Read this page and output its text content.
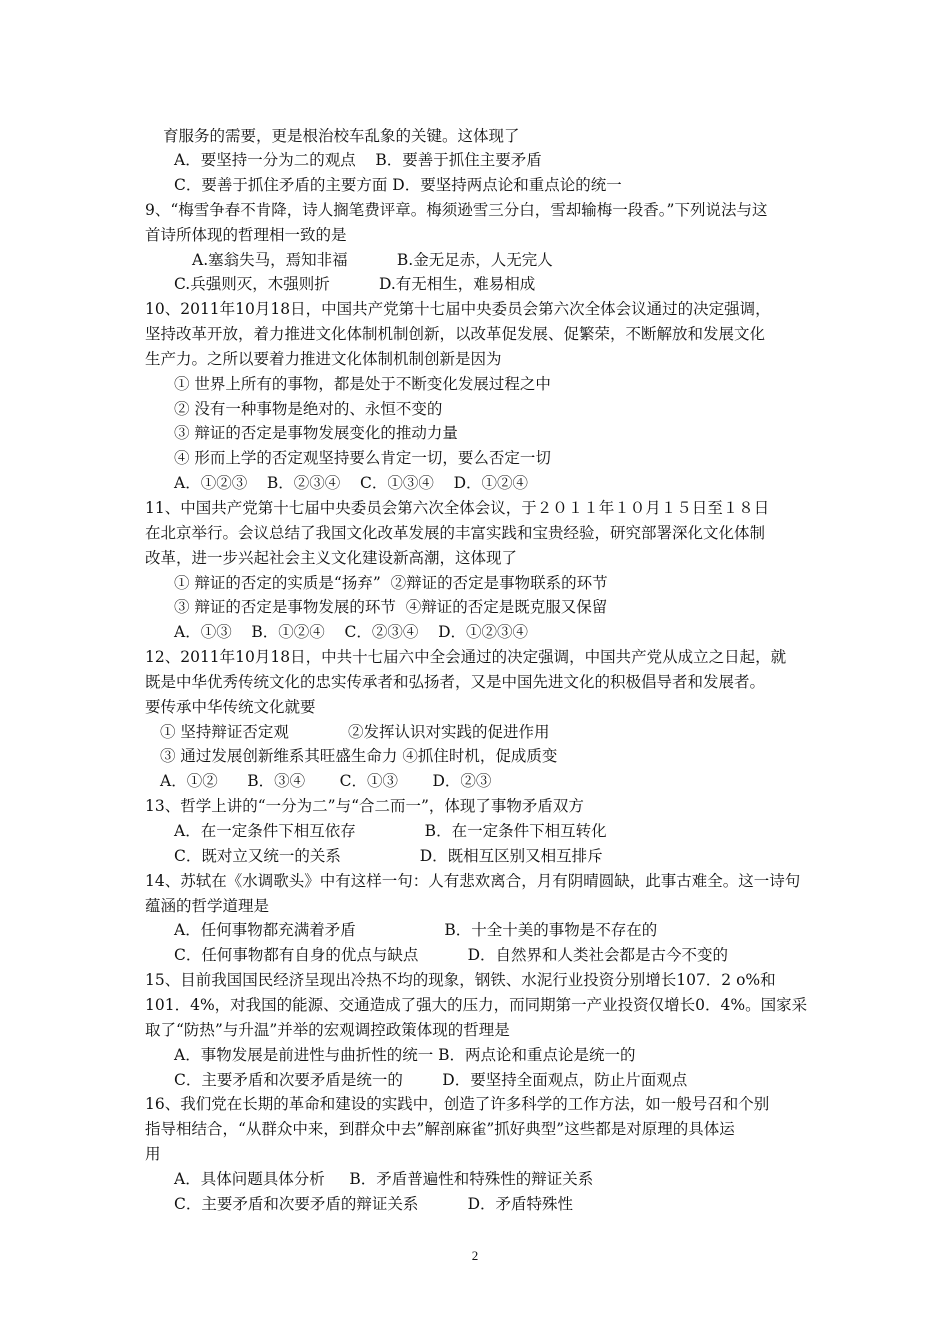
育服务的需要，更是根治校车乱象的关键。这体现了
A．要坚持一分为二的观点    B．要善于抓住主要矛盾
C．要善于抓住矛盾的主要方面 D．要坚持两点论和重点论的统一
9、“梅雪争春不肯降，诗人搁笔费评章。梅须逊雪三分白，雪却输梅一段香。”下列说法与这
首诗所体现的哲理相一致的是
A.塞翁失马，焉知非福          B.金无足赤，人无完人
C.兵强则灭，木强则折          D.有无相生，难易相成
10、2011年10月18日，中国共产党第十七届中央委员会第六次全体会议通过的决定强调，
坚持改革开放，着力推进文化体制机制创新，以改革促发展、促繁荣，不断解放和发展文化
生产力。之所以要着力推进文化体制机制创新是因为
① 世界上所有的事物，都是处于不断变化发展过程之中
② 没有一种事物是绝对的、永恒不变的
③ 辩证的否定是事物发展变化的推动力量
④ 形而上学的否定观坚持要么肯定一切，要么否定一切
A．①②③    B．②③④    C．①③④    D．①②④
11、中国共产党第十七届中央委员会第六次全体会议，于２０１１年１０月１５日至１８日
在北京举行。会议总结了我国文化改革发展的丰富实践和宝贵经验，研究部署深化文化体制
改革，进一步兴起社会主义文化建设新高潮，这体现了
① 辩证的否定的实质是“扬弃”  ②辩证的否定是事物联系的环节
③ 辩证的否定是事物发展的环节  ④辩证的否定是既克服又保留
A．①③    B．①②④    C．②③④    D．①②③④
12、2011年10月18日，中共十七届六中全会通过的决定强调，中国共产党从成立之日起，就
既是中华优秀传统文化的忠实传承者和弘扬者，又是中国先进文化的积极倡导者和发展者。
要传承中华传统文化就要
① 坚持辩证否定观            ②发挥认识对实践的促进作用
③ 通过发展创新维系其旺盛生命力 ④抓住时机，促成质变
A．①②      B．③④       C．①③       D．②③
13、哲学上讲的“一分为二”与“合二而一”，体现了事物矛盾双方
A．在一定条件下相互依存              B．在一定条件下相互转化
C．既对立又统一的关系                D．既相互区别又相互排斥
14、苏轼在《水调歌头》中有这样一句：人有悲欢离合，月有阴晴圆缺，此事古难全。这一诗句
蕴涵的哲学道理是
A．任何事物都充满着矛盾                  B．十全十美的事物是不存在的
C．任何事物都有自身的优点与缺点          D．自然界和人类社会都是古今不变的
15、目前我国国民经济呈现出冷热不均的现象，钢铁、水泥行业投资分别增长107．2 o%和
101．4%，对我国的能源、交通造成了强大的压力，而同期第一产业投资仅增长0．4%。国家采
取了“防热”与升温”并举的宏观调控政策体现的哲理是
A．事物发展是前进性与曲折性的统一 B．两点论和重点论是统一的
C．主要矛盾和次要矛盾是统一的        D．要坚持全面观点，防止片面观点
16、我们党在长期的革命和建设的实践中，创造了许多科学的工作方法，如一般号召和个别
指导相结合，“从群众中来，到群众中去”解剖麻雀”抓好典型”这些都是对原理的具体运
用
A．具体问题具体分析     B．矛盾普遍性和特殊性的辩证关系
C．主要矛盾和次要矛盾的辩证关系          D．矛盾特殊性
2
